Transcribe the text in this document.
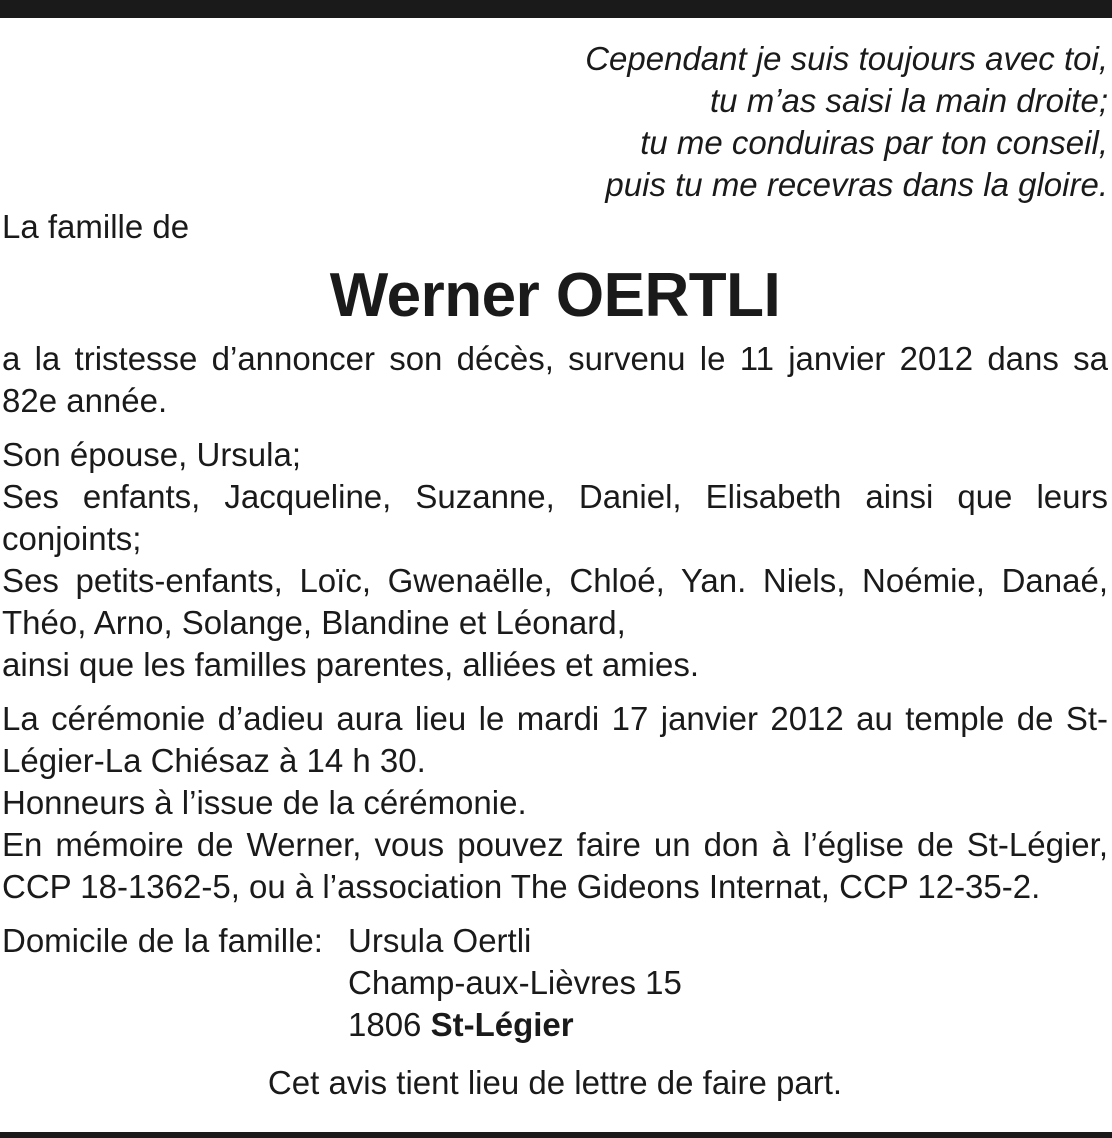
Cependant je suis toujours avec toi,
tu m’as saisi la main droite;
tu me conduiras par ton conseil,
puis tu me recevras dans la gloire.
La famille de
Werner OERTLI
a la tristesse d’annoncer son décès, survenu le 11 janvier 2012 dans sa 82e année.
Son épouse, Ursula;
Ses enfants, Jacqueline, Suzanne, Daniel, Elisabeth ainsi que leurs conjoints;
Ses petits-enfants, Loïc, Gwenaëlle, Chloé, Yan. Niels, Noémie, Danaé, Théo, Arno, Solange, Blandine et Léonard,
ainsi que les familles parentes, alliées et amies.
La cérémonie d’adieu aura lieu le mardi 17 janvier 2012 au temple de St-Légier-La Chiésaz à 14 h 30.
Honneurs à l’issue de la cérémonie.
En mémoire de Werner, vous pouvez faire un don à l’église de St-Légier, CCP 18-1362-5, ou à l’association The Gideons Internat, CCP 12-35-2.
Domicile de la famille: Ursula Oertli
Champ-aux-Lièvres 15
1806 St-Légier
Cet avis tient lieu de lettre de faire part.
